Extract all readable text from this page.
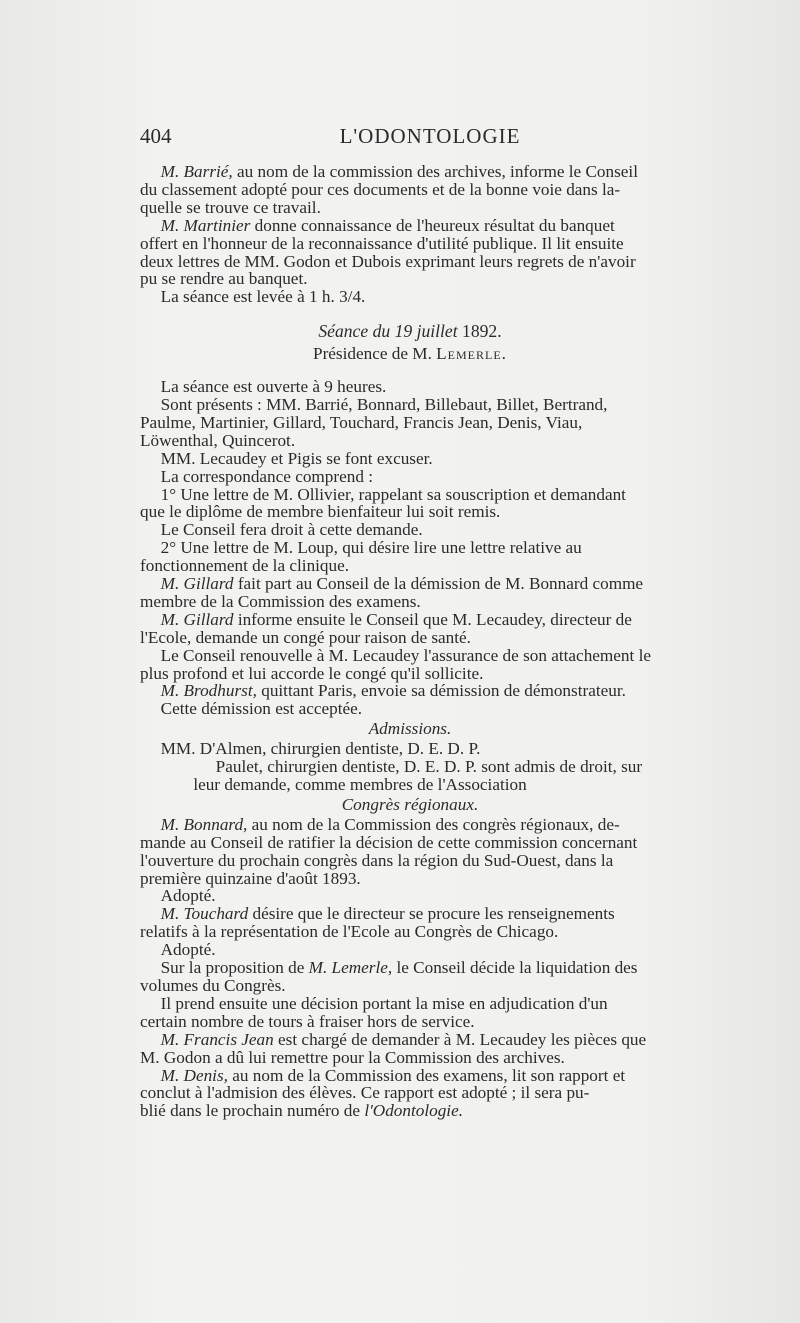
404	L'ODONTOLOGIE

M. Barrié, au nom de la commission des archives, informe le Conseil
du classement adopté pour ces documents et de la bonne voie dans la-
quelle se trouve ce travail.

M. Martinier donne connaissance de l'heureux résultat du banquet
offert en l'honneur de la reconnaissance d'utilité publique. Il lit ensuite
deux lettres de MM. Godon et Dubois exprimant leurs regrets de n'avoir
pu se rendre au banquet.

La séance est levée à 1 h. 3/4.

Séance du 19 juillet 1892.

Présidence de M. Lemerle.

La séance est ouverte à 9 heures.

Sont présents : MM. Barrié, Bonnard, Billebaut, Billet, Bertrand,
Paulme, Martinier, Gillard, Touchard, Francis Jean, Denis, Viau,
Löwenthal, Quincerot.

MM. Lecaudey et Pigis se font excuser.

La correspondance comprend :

1° Une lettre de M. Ollivier, rappelant sa souscription et demandant
que le diplôme de membre bienfaiteur lui soit remis.

Le Conseil fera droit à cette demande.

2° Une lettre de M. Loup, qui désire lire une lettre relative au
fonctionnement de la clinique.

M. Gillard fait part au Conseil de la démission de M. Bonnard comme
membre de la Commission des examens.

M. Gillard informe ensuite le Conseil que M. Lecaudey, directeur de
l'Ecole, demande un congé pour raison de santé.

Le Conseil renouvelle à M. Lecaudey l'assurance de son attachement le
plus profond et lui accorde le congé qu'il sollicite.

M. Brodhurst, quittant Paris, envoie sa démission de démonstrateur.

Cette démission est acceptée.

Admissions.

MM. D'Almen, chirurgien dentiste, D. E. D. P.

Paulet, chirurgien dentiste, D. E. D. P. sont admis de droit, sur
leur demande, comme membres de l'Association

Congrès régionaux.

M. Bonnard, au nom de la Commission des congrès régionaux, de-
mande au Conseil de ratifier la décision de cette commission concernant
l'ouverture du prochain congrès dans la région du Sud-Ouest, dans la
première quinzaine d'août 1893.

Adopté.

M. Touchard désire que le directeur se procure les renseignements
relatifs à la représentation de l'Ecole au Congrès de Chicago.

Adopté.

Sur la proposition de M. Lemerle, le Conseil décide la liquidation des
volumes du Congrès.

Il prend ensuite une décision portant la mise en adjudication d'un
certain nombre de tours à fraiser hors de service.

M. Francis Jean est chargé de demander à M. Lecaudey les pièces que
M. Godon a dû lui remettre pour la Commission des archives.

M. Denis, au nom de la Commission des examens, lit son rapport et
conclut à l'admision des élèves. Ce rapport est adopté ; il sera pu-
blié dans le prochain numéro de l'Odontologie.
